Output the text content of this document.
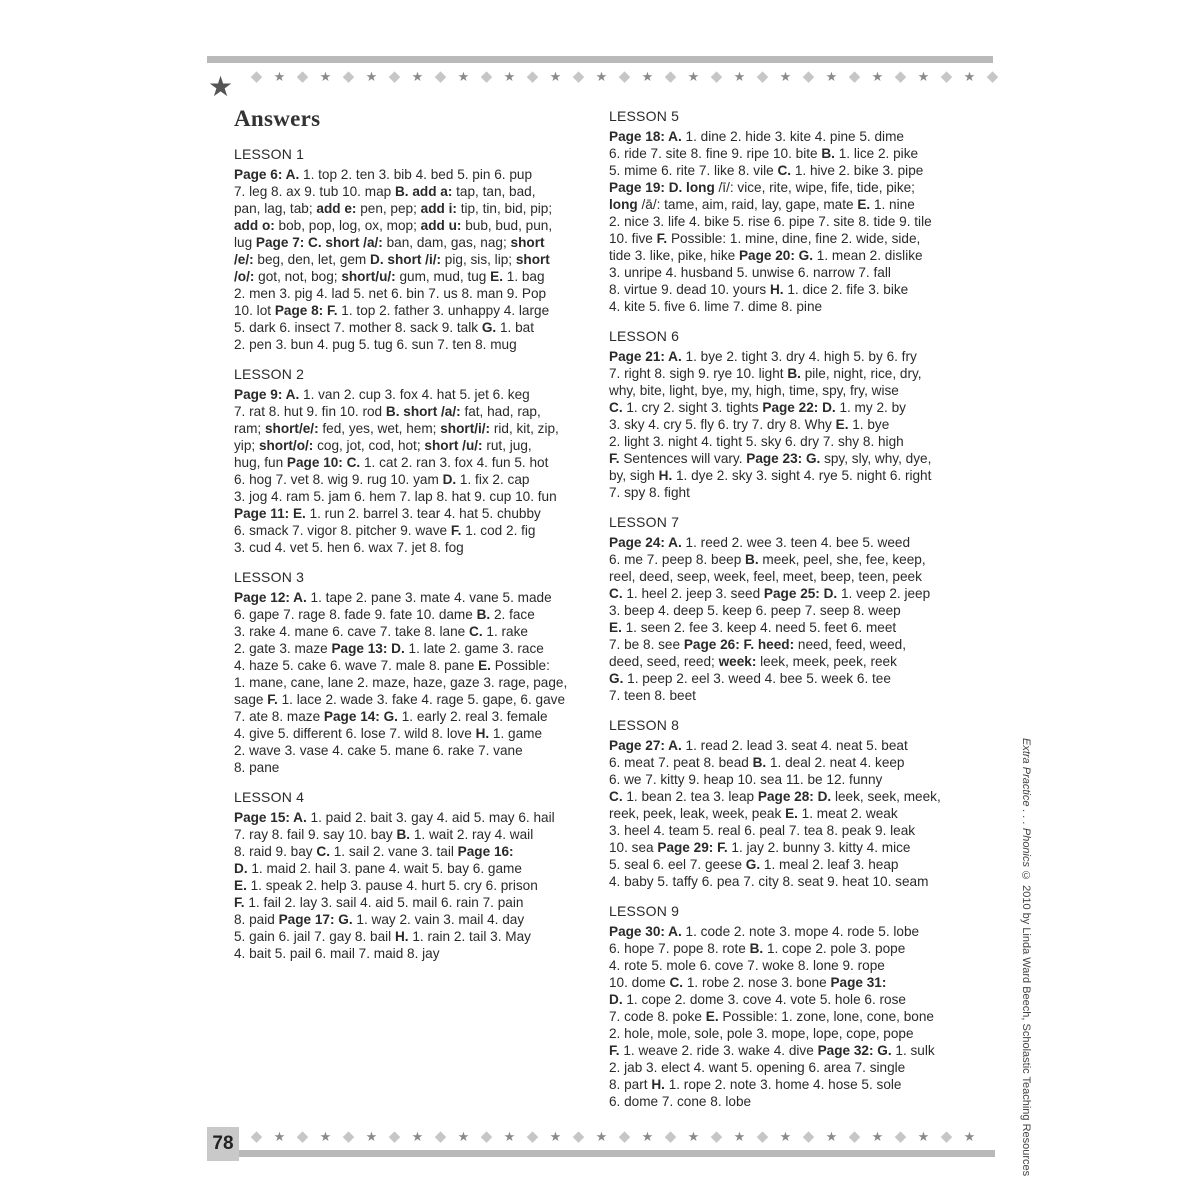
◆ ★ ◆ ★ ◆ ★ ◆ ★ ◆ ★ ◆ ★ ◆ ★ ◆ ★ ◆ ★ ◆ ★ ◆ ★ ◆ ★ ◆ ★ ◆ ★ ◆ ★ ◆ ★ ◆
★
Answers
LESSON 1
Page 6: A. 1. top 2. ten 3. bib 4. bed 5. pin 6. pup
7. leg 8. ax 9. tub 10. map B. add a: tap, tan, bad,
pan, lag, tab; add e: pen, pep; add i: tip, tin, bid, pip;
add o: bob, pop, log, ox, mop; add u: bub, bud, pun,
lug Page 7: C. short /a/: ban, dam, gas, nag; short
/e/: beg, den, let, gem D. short /i/: pig, sis, lip; short
/o/: got, not, bog; short/u/: gum, mud, tug E. 1. bag
2. men 3. pig 4. lad 5. net 6. bin 7. us 8. man 9. Pop
10. lot Page 8: F. 1. top 2. father 3. unhappy 4. large
5. dark 6. insect 7. mother 8. sack 9. talk G. 1. bat
2. pen 3. bun 4. pug 5. tug 6. sun 7. ten 8. mug
LESSON 2
Page 9: A. 1. van 2. cup 3. fox 4. hat 5. jet 6. keg
7. rat 8. hut 9. fin 10. rod B. short /a/: fat, had, rap,
ram; short/e/: fed, yes, wet, hem; short/i/: rid, kit, zip,
yip; short/o/: cog, jot, cod, hot; short /u/: rut, jug,
hug, fun Page 10: C. 1. cat 2. ran 3. fox 4. fun 5. hot
6. hog 7. vet 8. wig 9. rug 10. yam D. 1. fix 2. cap
3. jog 4. ram 5. jam 6. hem 7. lap 8. hat 9. cup 10. fun
Page 11: E. 1. run 2. barrel 3. tear 4. hat 5. chubby
6. smack 7. vigor 8. pitcher 9. wave F. 1. cod 2. fig
3. cud 4. vet 5. hen 6. wax 7. jet 8. fog
LESSON 3
Page 12: A. 1. tape 2. pane 3. mate 4. vane 5. made
6. gape 7. rage 8. fade 9. fate 10. dame B. 2. face
3. rake 4. mane 6. cave 7. take 8. lane C. 1. rake
2. gate 3. maze Page 13: D. 1. late 2. game 3. race
4. haze 5. cake 6. wave 7. male 8. pane E. Possible:
1. mane, cane, lane 2. maze, haze, gaze 3. rage, page,
sage F. 1. lace 2. wade 3. fake 4. rage 5. gape, 6. gave
7. ate 8. maze Page 14: G. 1. early 2. real 3. female
4. give 5. different 6. lose 7. wild 8. love H. 1. game
2. wave 3. vase 4. cake 5. mane 6. rake 7. vane
8. pane
LESSON 4
Page 15: A. 1. paid 2. bait 3. gay 4. aid 5. may 6. hail
7. ray 8. fail 9. say 10. bay B. 1. wait 2. ray 4. wail
8. raid 9. bay C. 1. sail 2. vane 3. tail Page 16:
D. 1. maid 2. hail 3. pane 4. wait 5. bay 6. game
E. 1. speak 2. help 3. pause 4. hurt 5. cry 6. prison
F. 1. fail 2. lay 3. sail 4. aid 5. mail 6. rain 7. pain
8. paid Page 17: G. 1. way 2. vain 3. mail 4. day
5. gain 6. jail 7. gay 8. bail H. 1. rain 2. tail 3. May
4. bait 5. pail 6. mail 7. maid 8. jay
LESSON 5
Page 18: A. 1. dine 2. hide 3. kite 4. pine 5. dime
6. ride 7. site 8. fine 9. ripe 10. bite B. 1. lice 2. pike
5. mime 6. rite 7. like 8. vile C. 1. hive 2. bike 3. pipe
Page 19: D. long /ī/: vice, rite, wipe, fife, tide, pike;
long /ā/: tame, aim, raid, lay, gape, mate E. 1. nine
2. nice 3. life 4. bike 5. rise 6. pipe 7. site 8. tide 9. tile
10. five F. Possible: 1. mine, dine, fine 2. wide, side,
tide 3. like, pike, hike Page 20: G. 1. mean 2. dislike
3. unripe 4. husband 5. unwise 6. narrow 7. fall
8. virtue 9. dead 10. yours H. 1. dice 2. fife 3. bike
4. kite 5. five 6. lime 7. dime 8. pine
LESSON 6
Page 21: A. 1. bye 2. tight 3. dry 4. high 5. by 6. fry
7. right 8. sigh 9. rye 10. light B. pile, night, rice, dry,
why, bite, light, bye, my, high, time, spy, fry, wise
C. 1. cry 2. sight 3. tights Page 22: D. 1. my 2. by
3. sky 4. cry 5. fly 6. try 7. dry 8. Why E. 1. bye
2. light 3. night 4. tight 5. sky 6. dry 7. shy 8. high
F. Sentences will vary. Page 23: G. spy, sly, why, dye,
by, sigh H. 1. dye 2. sky 3. sight 4. rye 5. night 6. right
7. spy 8. fight
LESSON 7
Page 24: A. 1. reed 2. wee 3. teen 4. bee 5. weed
6. me 7. peep 8. beep B. meek, peel, she, fee, keep,
reel, deed, seep, week, feel, meet, beep, teen, peek
C. 1. heel 2. jeep 3. seed Page 25: D. 1. veep 2. jeep
3. beep 4. deep 5. keep 6. peep 7. seep 8. weep
E. 1. seen 2. fee 3. keep 4. need 5. feet 6. meet
7. be 8. see Page 26: F. heed: need, feed, weed,
deed, seed, reed; week: leek, meek, peek, reek
G. 1. peep 2. eel 3. weed 4. bee 5. week 6. tee
7. teen 8. beet
LESSON 8
Page 27: A. 1. read 2. lead 3. seat 4. neat 5. beat
6. meat 7. peat 8. bead B. 1. deal 2. neat 4. keep
6. we 7. kitty 9. heap 10. sea 11. be 12. funny
C. 1. bean 2. tea 3. leap Page 28: D. leek, seek, meek,
reek, peek, leak, week, peak E. 1. meat 2. weak
3. heel 4. team 5. real 6. peal 7. tea 8. peak 9. leak
10. sea Page 29: F. 1. jay 2. bunny 3. kitty 4. mice
5. seal 6. eel 7. geese G. 1. meal 2. leaf 3. heap
4. baby 5. taffy 6. pea 7. city 8. seat 9. heat 10. seam
LESSON 9
Page 30: A. 1. code 2. note 3. mope 4. rode 5. lobe
6. hope 7. pope 8. rote B. 1. cope 2. pole 3. pope
4. rote 5. mole 6. cove 7. woke 8. lone 9. rope
10. dome C. 1. robe 2. nose 3. bone Page 31:
D. 1. cope 2. dome 3. cove 4. vote 5. hole 6. rose
7. code 8. poke E. Possible: 1. zone, lone, cone, bone
2. hole, mole, sole, pole 3. mope, lope, cope, pope
F. 1. weave 2. ride 3. wake 4. dive Page 32: G. 1. sulk
2. jab 3. elect 4. want 5. opening 6. area 7. single
8. part H. 1. rope 2. note 3. home 4. hose 5. sole
6. dome 7. cone 8. lobe
Extra Practice . . . Phonics © 2010 by Linda Ward Beech, Scholastic Teaching Resources
78	◆ ★ ◆ ★ ◆ ★ ◆ ★ ◆ ★ ◆ ★ ◆ ★ ◆ ★ ◆ ★ ◆ ★ ◆ ★ ◆ ★ ◆ ★ ◆ ★ ◆ ★ ◆ ★
